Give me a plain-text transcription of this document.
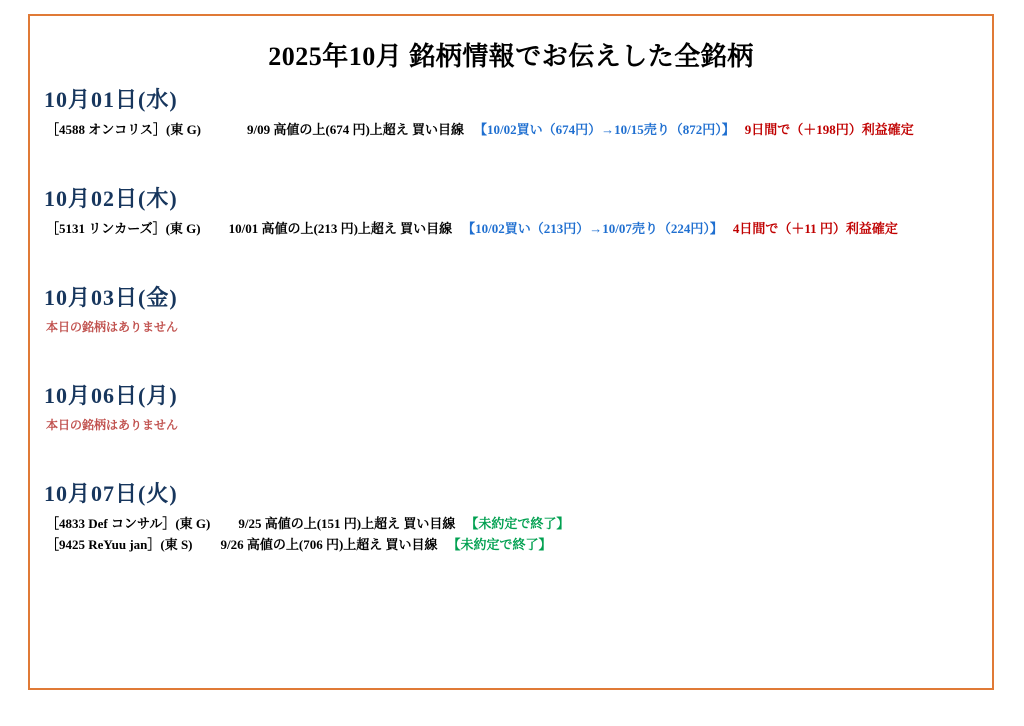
2025年10月 銘柄情報でお伝えした全銘柄
10月01日(水)
［4588 オンコリス］(東 G)	9/09 高値の上(674 円)上超え 買い目線 【10/02買い（674円）→10/15売り（872円）】 9日間で（＋198円）利益確定
10月02日(木)
［5131 リンカーズ］(東 G) 10/01 高値の上(213 円)上超え 買い目線 【10/02買い（213円）→10/07売り（224円）】 4日間で（＋11 円）利益確定
10月03日(金)
本日の銘柄はありません
10月06日(月)
本日の銘柄はありません
10月07日(火)
［4833 Def コンサル］(東 G) 9/25 高値の上(151 円)上超え 買い目線 【未約定で終了】
［9425 ReYuu jan］(東 S) 9/26 高値の上(706 円)上超え 買い目線 【未約定で終了】
